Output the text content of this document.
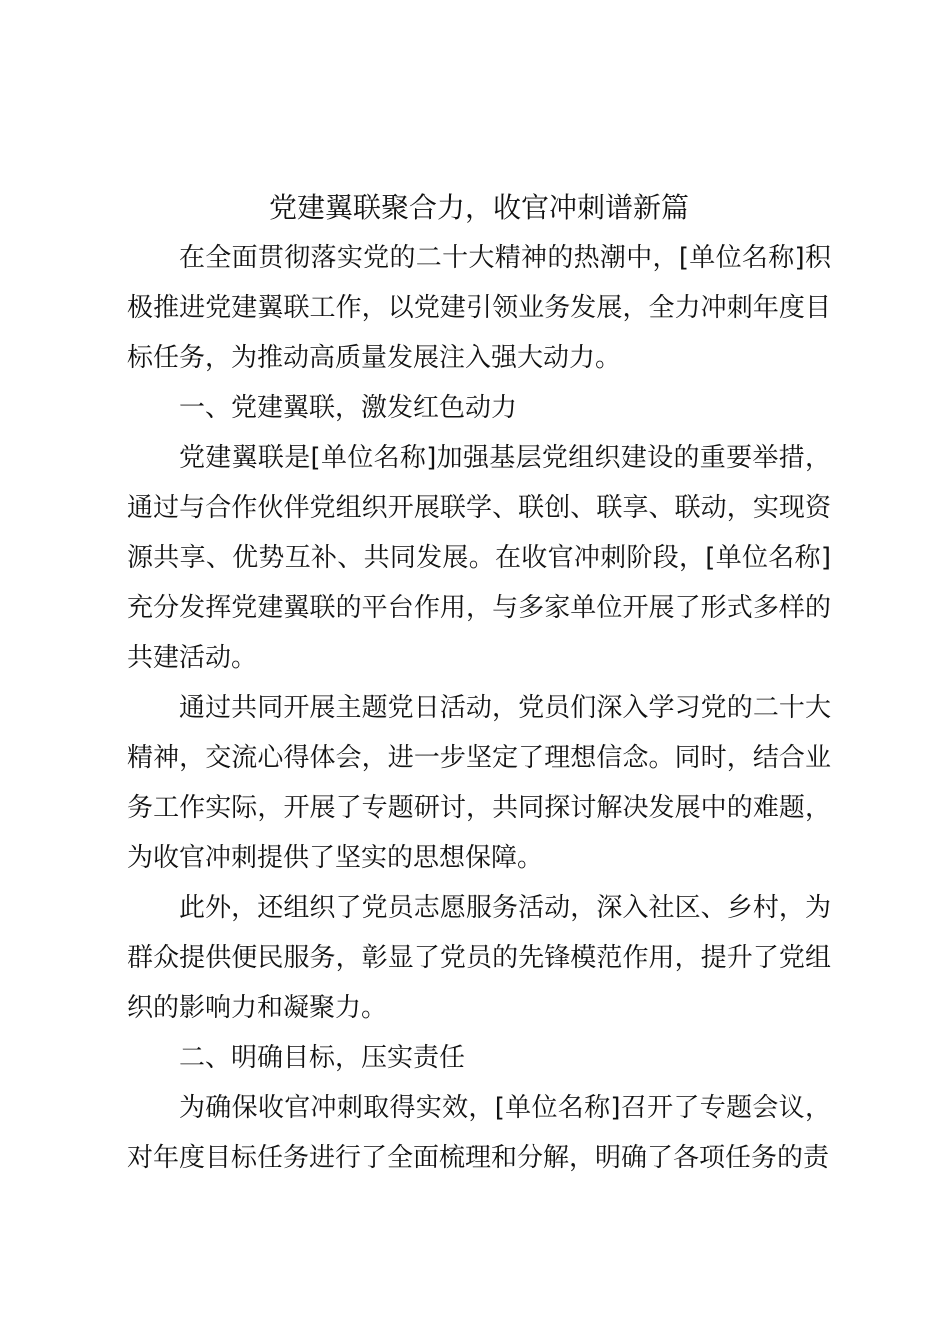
党建翼联聚合力，收官冲刺谱新篇

在全面贯彻落实党的二十大精神的热潮中，[单位名称]积极推进党建翼联工作，以党建引领业务发展，全力冲刺年度目标任务，为推动高质量发展注入强大动力。

一、党建翼联，激发红色动力

党建翼联是[单位名称]加强基层党组织建设的重要举措，通过与合作伙伴党组织开展联学、联创、联享、联动，实现资源共享、优势互补、共同发展。在收官冲刺阶段，[单位名称]充分发挥党建翼联的平台作用，与多家单位开展了形式多样的共建活动。

通过共同开展主题党日活动，党员们深入学习党的二十大精神，交流心得体会，进一步坚定了理想信念。同时，结合业务工作实际，开展了专题研讨，共同探讨解决发展中的难题，为收官冲刺提供了坚实的思想保障。

此外，还组织了党员志愿服务活动，深入社区、乡村，为群众提供便民服务，彰显了党员的先锋模范作用，提升了党组织的影响力和凝聚力。

二、明确目标，压实责任

为确保收官冲刺取得实效，[单位名称]召开了专题会议，对年度目标任务进行了全面梳理和分解，明确了各项任务的责
